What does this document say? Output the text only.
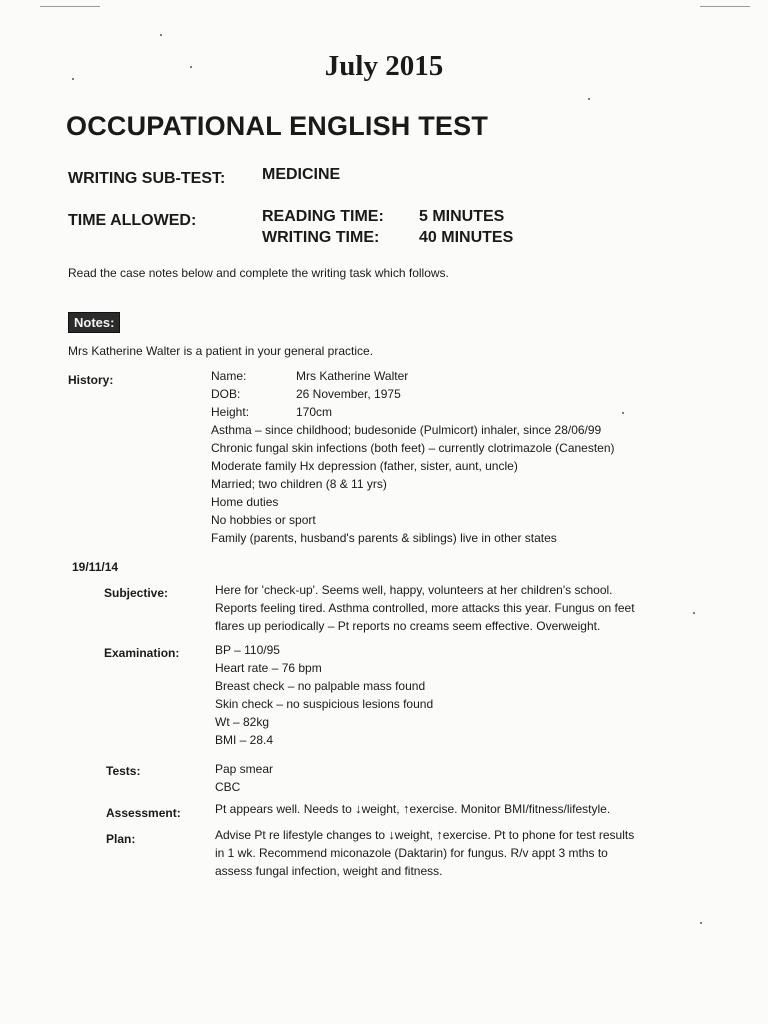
July 2015
OCCUPATIONAL ENGLISH TEST
WRITING SUB-TEST: MEDICINE
TIME ALLOWED:	READING TIME: 5 MINUTES
WRITING TIME: 40 MINUTES
Read the case notes below and complete the writing task which follows.
Notes:
Mrs Katherine Walter is a patient in your general practice.
History:	Name:	Mrs Katherine Walter
DOB:	26 November, 1975
Height:	170cm
Asthma – since childhood; budesonide (Pulmicort) inhaler, since 28/06/99
Chronic fungal skin infections (both feet) – currently clotrimazole (Canesten)
Moderate family Hx depression (father, sister, aunt, uncle)
Married; two children (8 & 11 yrs)
Home duties
No hobbies or sport
Family (parents, husband's parents & siblings) live in other states
19/11/14
Subjective:	Here for 'check-up'. Seems well, happy, volunteers at her children's school.
Reports feeling tired. Asthma controlled, more attacks this year. Fungus on feet
flares up periodically – Pt reports no creams seem effective. Overweight.
Examination:	BP – 110/95
Heart rate – 76 bpm
Breast check – no palpable mass found
Skin check – no suspicious lesions found
Wt – 82kg
BMI – 28.4
Tests:	Pap smear
CBC
Assessment:	Pt appears well. Needs to ↓weight, ↑exercise. Monitor BMI/fitness/lifestyle.
Plan:	Advise Pt re lifestyle changes to ↓weight, ↑exercise. Pt to phone for test results
in 1 wk. Recommend miconazole (Daktarin) for fungus. R/v appt 3 mths to
assess fungal infection, weight and fitness.
